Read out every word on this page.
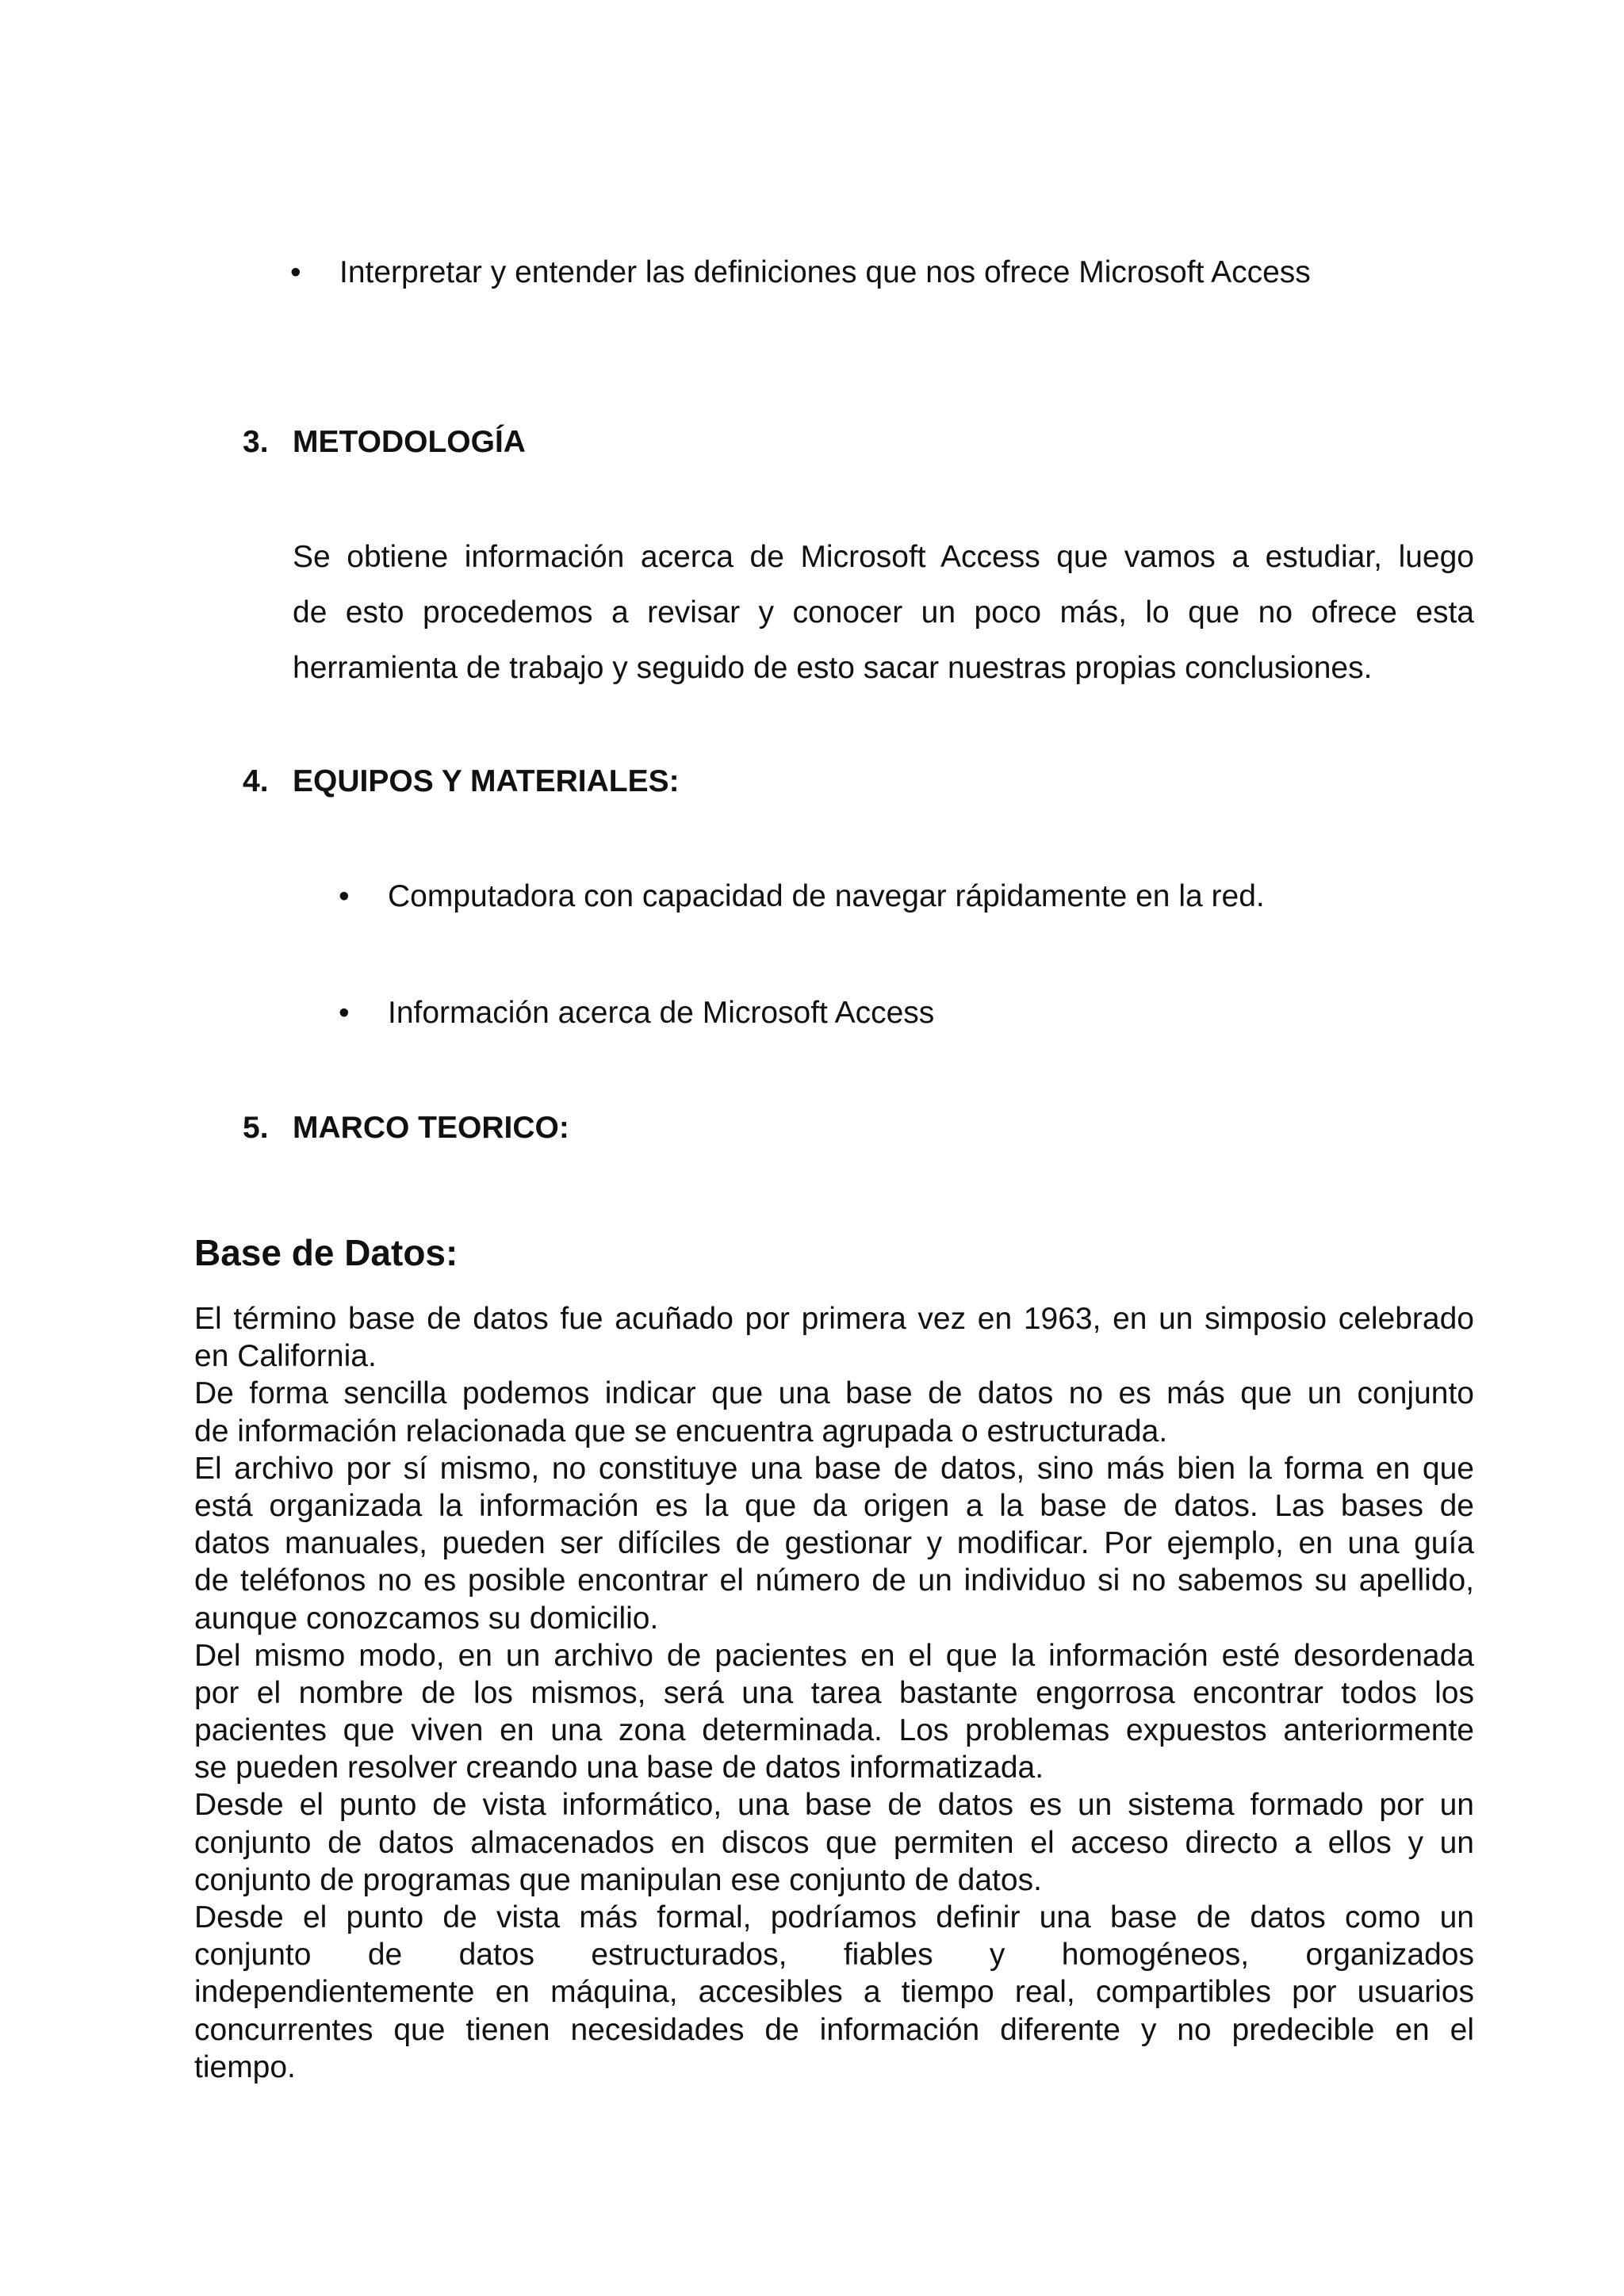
• Interpretar y entender las definiciones que nos ofrece Microsoft Access
3. METODOLOGÍA
Se obtiene información acerca de Microsoft Access que vamos a estudiar, luego
de esto procedemos a revisar y conocer un poco más, lo que no ofrece esta
herramienta de trabajo y seguido de esto sacar nuestras propias conclusiones.
4. EQUIPOS Y MATERIALES:
• Computadora con capacidad de navegar rápidamente en la red.
• Información acerca de Microsoft Access
5. MARCO TEORICO:
Base de Datos:
El término base de datos fue acuñado por primera vez en 1963, en un simposio celebrado
en California.
De forma sencilla podemos indicar que una base de datos no es más que un conjunto
de información relacionada que se encuentra agrupada o estructurada.
El archivo por sí mismo, no constituye una base de datos, sino más bien la forma en que
está organizada la información es la que da origen a la base de datos. Las bases de
datos manuales, pueden ser difíciles de gestionar y modificar. Por ejemplo, en una guía
de teléfonos no es posible encontrar el número de un individuo si no sabemos su apellido,
aunque conozcamos su domicilio.
Del mismo modo, en un archivo de pacientes en el que la información esté desordenada
por el nombre de los mismos, será una tarea bastante engorrosa encontrar todos los
pacientes que viven en una zona determinada. Los problemas expuestos anteriormente
se pueden resolver creando una base de datos informatizada.
Desde el punto de vista informático, una base de datos es un sistema formado por un
conjunto de datos almacenados en discos que permiten el acceso directo a ellos y un
conjunto de programas que manipulan ese conjunto de datos.
Desde el punto de vista más formal, podríamos definir una base de datos como un
conjunto de datos estructurados, fiables y homogéneos, organizados
independientemente en máquina, accesibles a tiempo real, compartibles por usuarios
concurrentes que tienen necesidades de información diferente y no predecible en el
tiempo.
